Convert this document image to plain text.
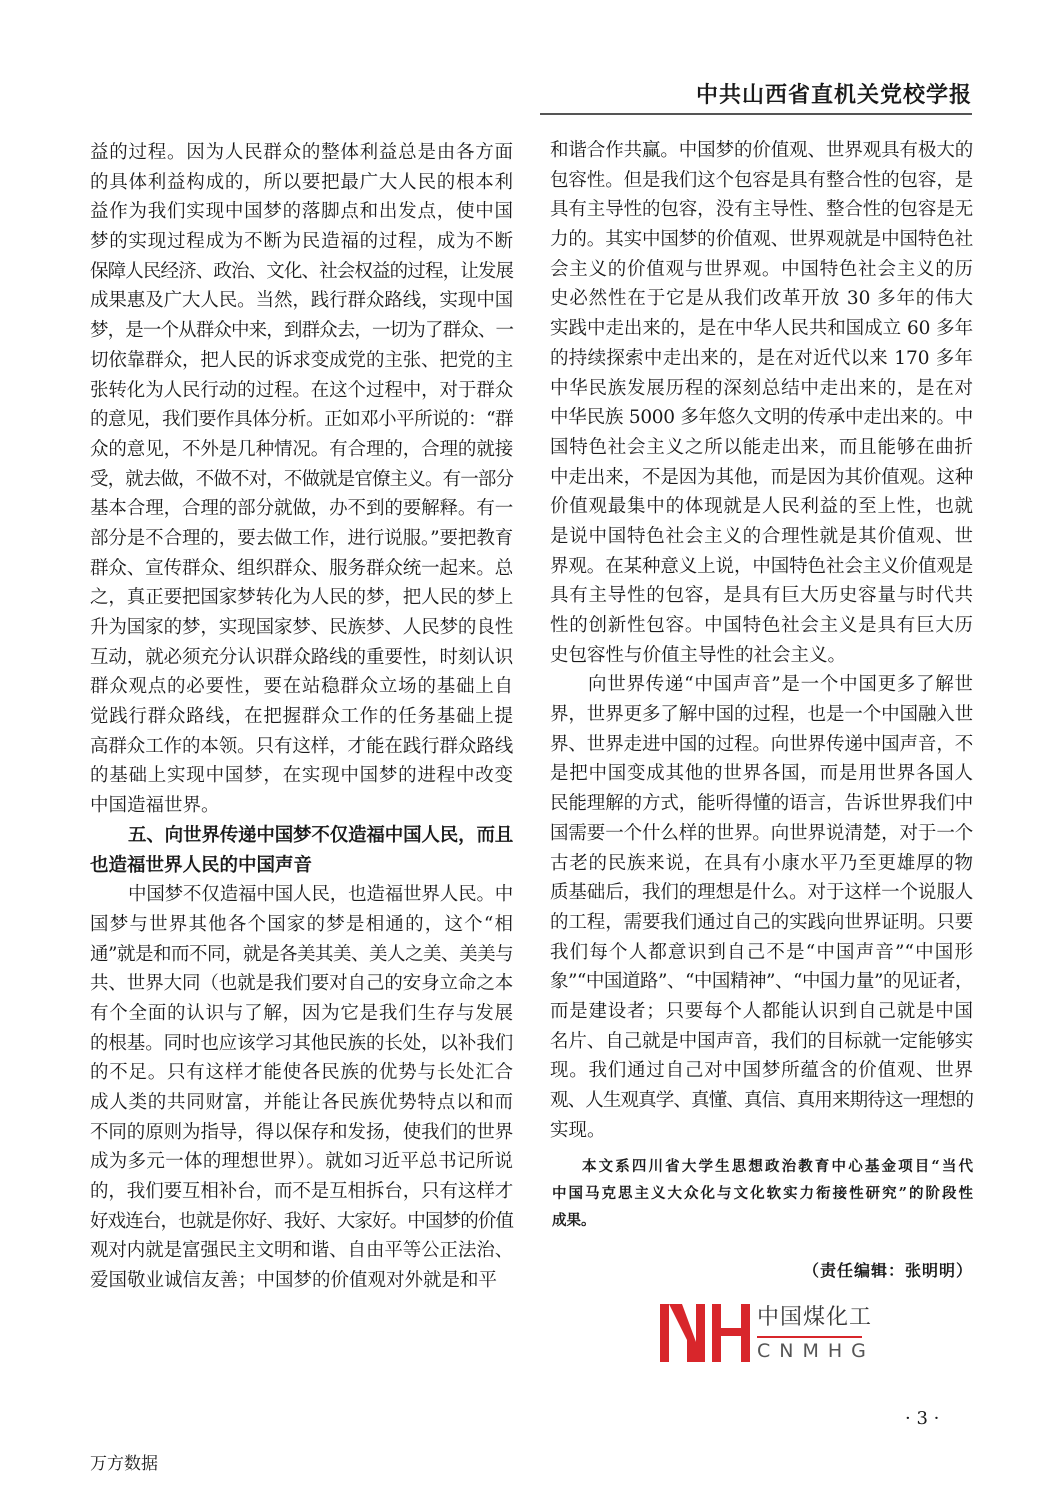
中共山西省直机关党校学报
益的过程。因为人民群众的整体利益总是由各方面
的具体利益构成的，所以要把最广大人民的根本利
益作为我们实现中国梦的落脚点和出发点，使中国
梦的实现过程成为不断为民造福的过程，成为不断
保障人民经济、政治、文化、社会权益的过程，让发展
成果惠及广大人民。当然，践行群众路线，实现中国
梦，是一个从群众中来，到群众去，一切为了群众、一
切依靠群众，把人民的诉求变成党的主张、把党的主
张转化为人民行动的过程。在这个过程中，对于群众
的意见，我们要作具体分析。正如邓小平所说的：“群
众的意见，不外是几种情况。有合理的，合理的就接
受，就去做，不做不对，不做就是官僚主义。有一部分
基本合理，合理的部分就做，办不到的要解释。有一
部分是不合理的，要去做工作，进行说服。”要把教育
群众、宣传群众、组织群众、服务群众统一起来。总
之，真正要把国家梦转化为人民的梦，把人民的梦上
升为国家的梦，实现国家梦、民族梦、人民梦的良性
互动，就必须充分认识群众路线的重要性，时刻认识
群众观点的必要性，要在站稳群众立场的基础上自
觉践行群众路线，在把握群众工作的任务基础上提
高群众工作的本领。只有这样，才能在践行群众路线
的基础上实现中国梦，在实现中国梦的进程中改变
中国造福世界。
五、向世界传递中国梦不仅造福中国人民，而且
也造福世界人民的中国声音
中国梦不仅造福中国人民，也造福世界人民。中
国梦与世界其他各个国家的梦是相通的，这个“相
通”就是和而不同，就是各美其美、美人之美、美美与
共、世界大同（也就是我们要对自己的安身立命之本
有个全面的认识与了解，因为它是我们生存与发展
的根基。同时也应该学习其他民族的长处，以补我们
的不足。只有这样才能使各民族的优势与长处汇合
成人类的共同财富，并能让各民族优势特点以和而
不同的原则为指导，得以保存和发扬，使我们的世界
成为多元一体的理想世界）。就如习近平总书记所说
的，我们要互相补台，而不是互相拆台，只有这样才
好戏连台，也就是你好、我好、大家好。中国梦的价值
观对内就是富强民主文明和谐、自由平等公正法治、
爱国敬业诚信友善；中国梦的价值观对外就是和平
和谐合作共赢。中国梦的价值观、世界观具有极大的
包容性。但是我们这个包容是具有整合性的包容，是
具有主导性的包容，没有主导性、整合性的包容是无
力的。其实中国梦的价值观、世界观就是中国特色社
会主义的价值观与世界观。中国特色社会主义的历
史必然性在于它是从我们改革开放 30 多年的伟大
实践中走出来的，是在中华人民共和国成立 60 多年
的持续探索中走出来的，是在对近代以来 170 多年
中华民族发展历程的深刻总结中走出来的，是在对
中华民族 5000 多年悠久文明的传承中走出来的。中
国特色社会主义之所以能走出来，而且能够在曲折
中走出来，不是因为其他，而是因为其价值观。这种
价值观最集中的体现就是人民利益的至上性，也就
是说中国特色社会主义的合理性就是其价值观、世
界观。在某种意义上说，中国特色社会主义价值观是
具有主导性的包容，是具有巨大历史容量与时代共
性的创新性包容。中国特色社会主义是具有巨大历
史包容性与价值主导性的社会主义。
向世界传递“中国声音”是一个中国更多了解世
界，世界更多了解中国的过程，也是一个中国融入世
界、世界走进中国的过程。向世界传递中国声音，不
是把中国变成其他的世界各国，而是用世界各国人
民能理解的方式，能听得懂的语言，告诉世界我们中
国需要一个什么样的世界。向世界说清楚，对于一个
古老的民族来说，在具有小康水平乃至更雄厚的物
质基础后，我们的理想是什么。对于这样一个说服人
的工程，需要我们通过自己的实践向世界证明。只要
我们每个人都意识到自己不是“中国声音”“中国形
象”“中国道路”、“中国精神”、“中国力量”的见证者，
而是建设者；只要每个人都能认识到自己就是中国
名片、自己就是中国声音，我们的目标就一定能够实
现。我们通过自己对中国梦所蕴含的价值观、世界
观、人生观真学、真懂、真信、真用来期待这一理想的
实现。
本文系四川省大学生思想政治教育中心基金项目“当代
中国马克思主义大众化与文化软实力衔接性研究”的阶段性
成果。
（责任编辑：张明明）
中国煤化工
CNMHG
· 3 ·
万方数据
